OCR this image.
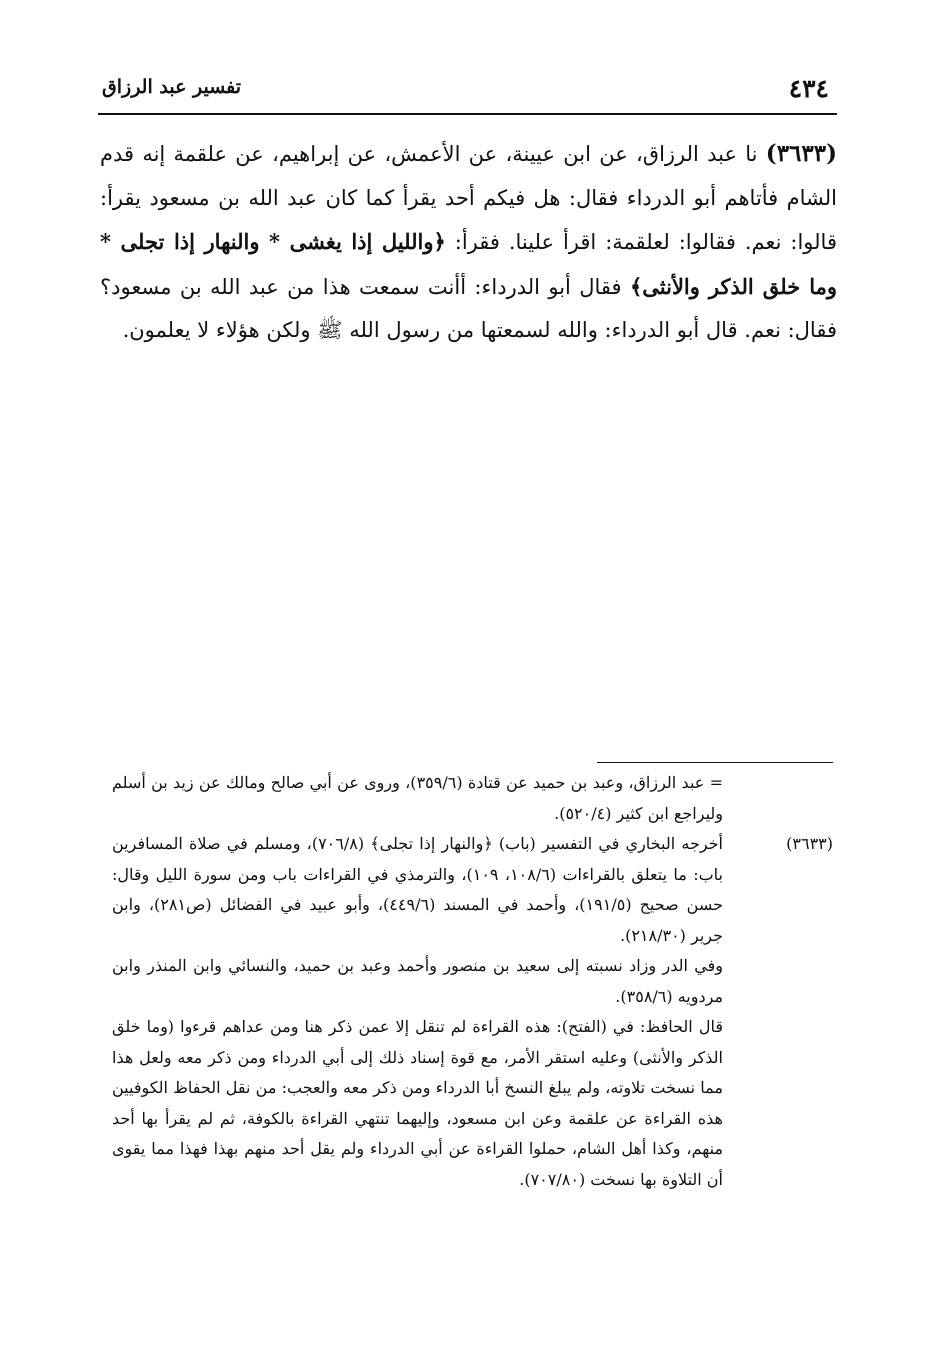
٤٣٤
تفسير عبد الرزاق
(٣٦٣٣) نا عبد الرزاق، عن ابن عيينة، عن الأعمش، عن إبراهيم، عن علقمة إنه قدم الشام فأتاهم أبو الدرداء فقال: هل فيكم أحد يقرأ كما كان عبد الله بن مسعود يقرأ: قالوا: نعم. فقالوا: لعلقمة: اقرأ علينا. فقرأ: ﴿والليل إذا يغشى * والنهار إذا تجلى * وما خلق الذكر والأنثى﴾ فقال أبو الدرداء: أأنت سمعت هذا من عبد الله بن مسعود؟ فقال: نعم. قال أبو الدرداء: والله لسمعتها من رسول الله ﷺ ولكن هؤلاء لا يعلمون.

= عبد الرزاق، وعبد بن حميد عن قتادة (٣٥٩/٦)، وروى عن أبي صالح ومالك عن زيد بن أسلم وليراجع ابن كثير (٥٢٠/٤).

(٣٦٣٣)

أخرجه البخاري في التفسير (باب) ﴿والنهار إذا تجلى﴾ (٧٠٦/٨)، ومسلم في صلاة المسافرين باب: ما يتعلق بالقراءات (١٠٨/٦، ١٠٩)، والترمذي في القراءات باب ومن سورة الليل وقال: حسن صحيح (١٩١/٥)، وأحمد في المسند (٤٤٩/٦)، وأبو عبيد في الفضائل (ص٢٨١)، وابن جرير (٢١٨/٣٠).

وفي الدر وزاد نسبته إلى سعيد بن منصور وأحمد وعبد بن حميد، والنسائي وابن المنذر وابن مردويه (٣٥٨/٦).

قال الحافظ: في (الفتح): هذه القراءة لم تنقل إلا عمن ذكر هنا ومن عداهم قرءوا (وما خلق الذكر والأنثى) وعليه استقر الأمر، مع قوة إسناد ذلك إلى أبي الدرداء ومن ذكر معه ولعل هذا مما نسخت تلاوته، ولم يبلغ النسخ أبا الدرداء ومن ذكر معه والعجب: من نقل الحفاظ الكوفيين هذه القراءة عن علقمة وعن ابن مسعود، وإليهما تنتهي القراءة بالكوفة، ثم لم يقرأ بها أحد منهم، وكذا أهل الشام، حملوا القراءة عن أبي الدرداء ولم يقل أحد منهم بهذا فهذا مما يقوى أن التلاوة بها نسخت (٧٠٧/٨٠).
